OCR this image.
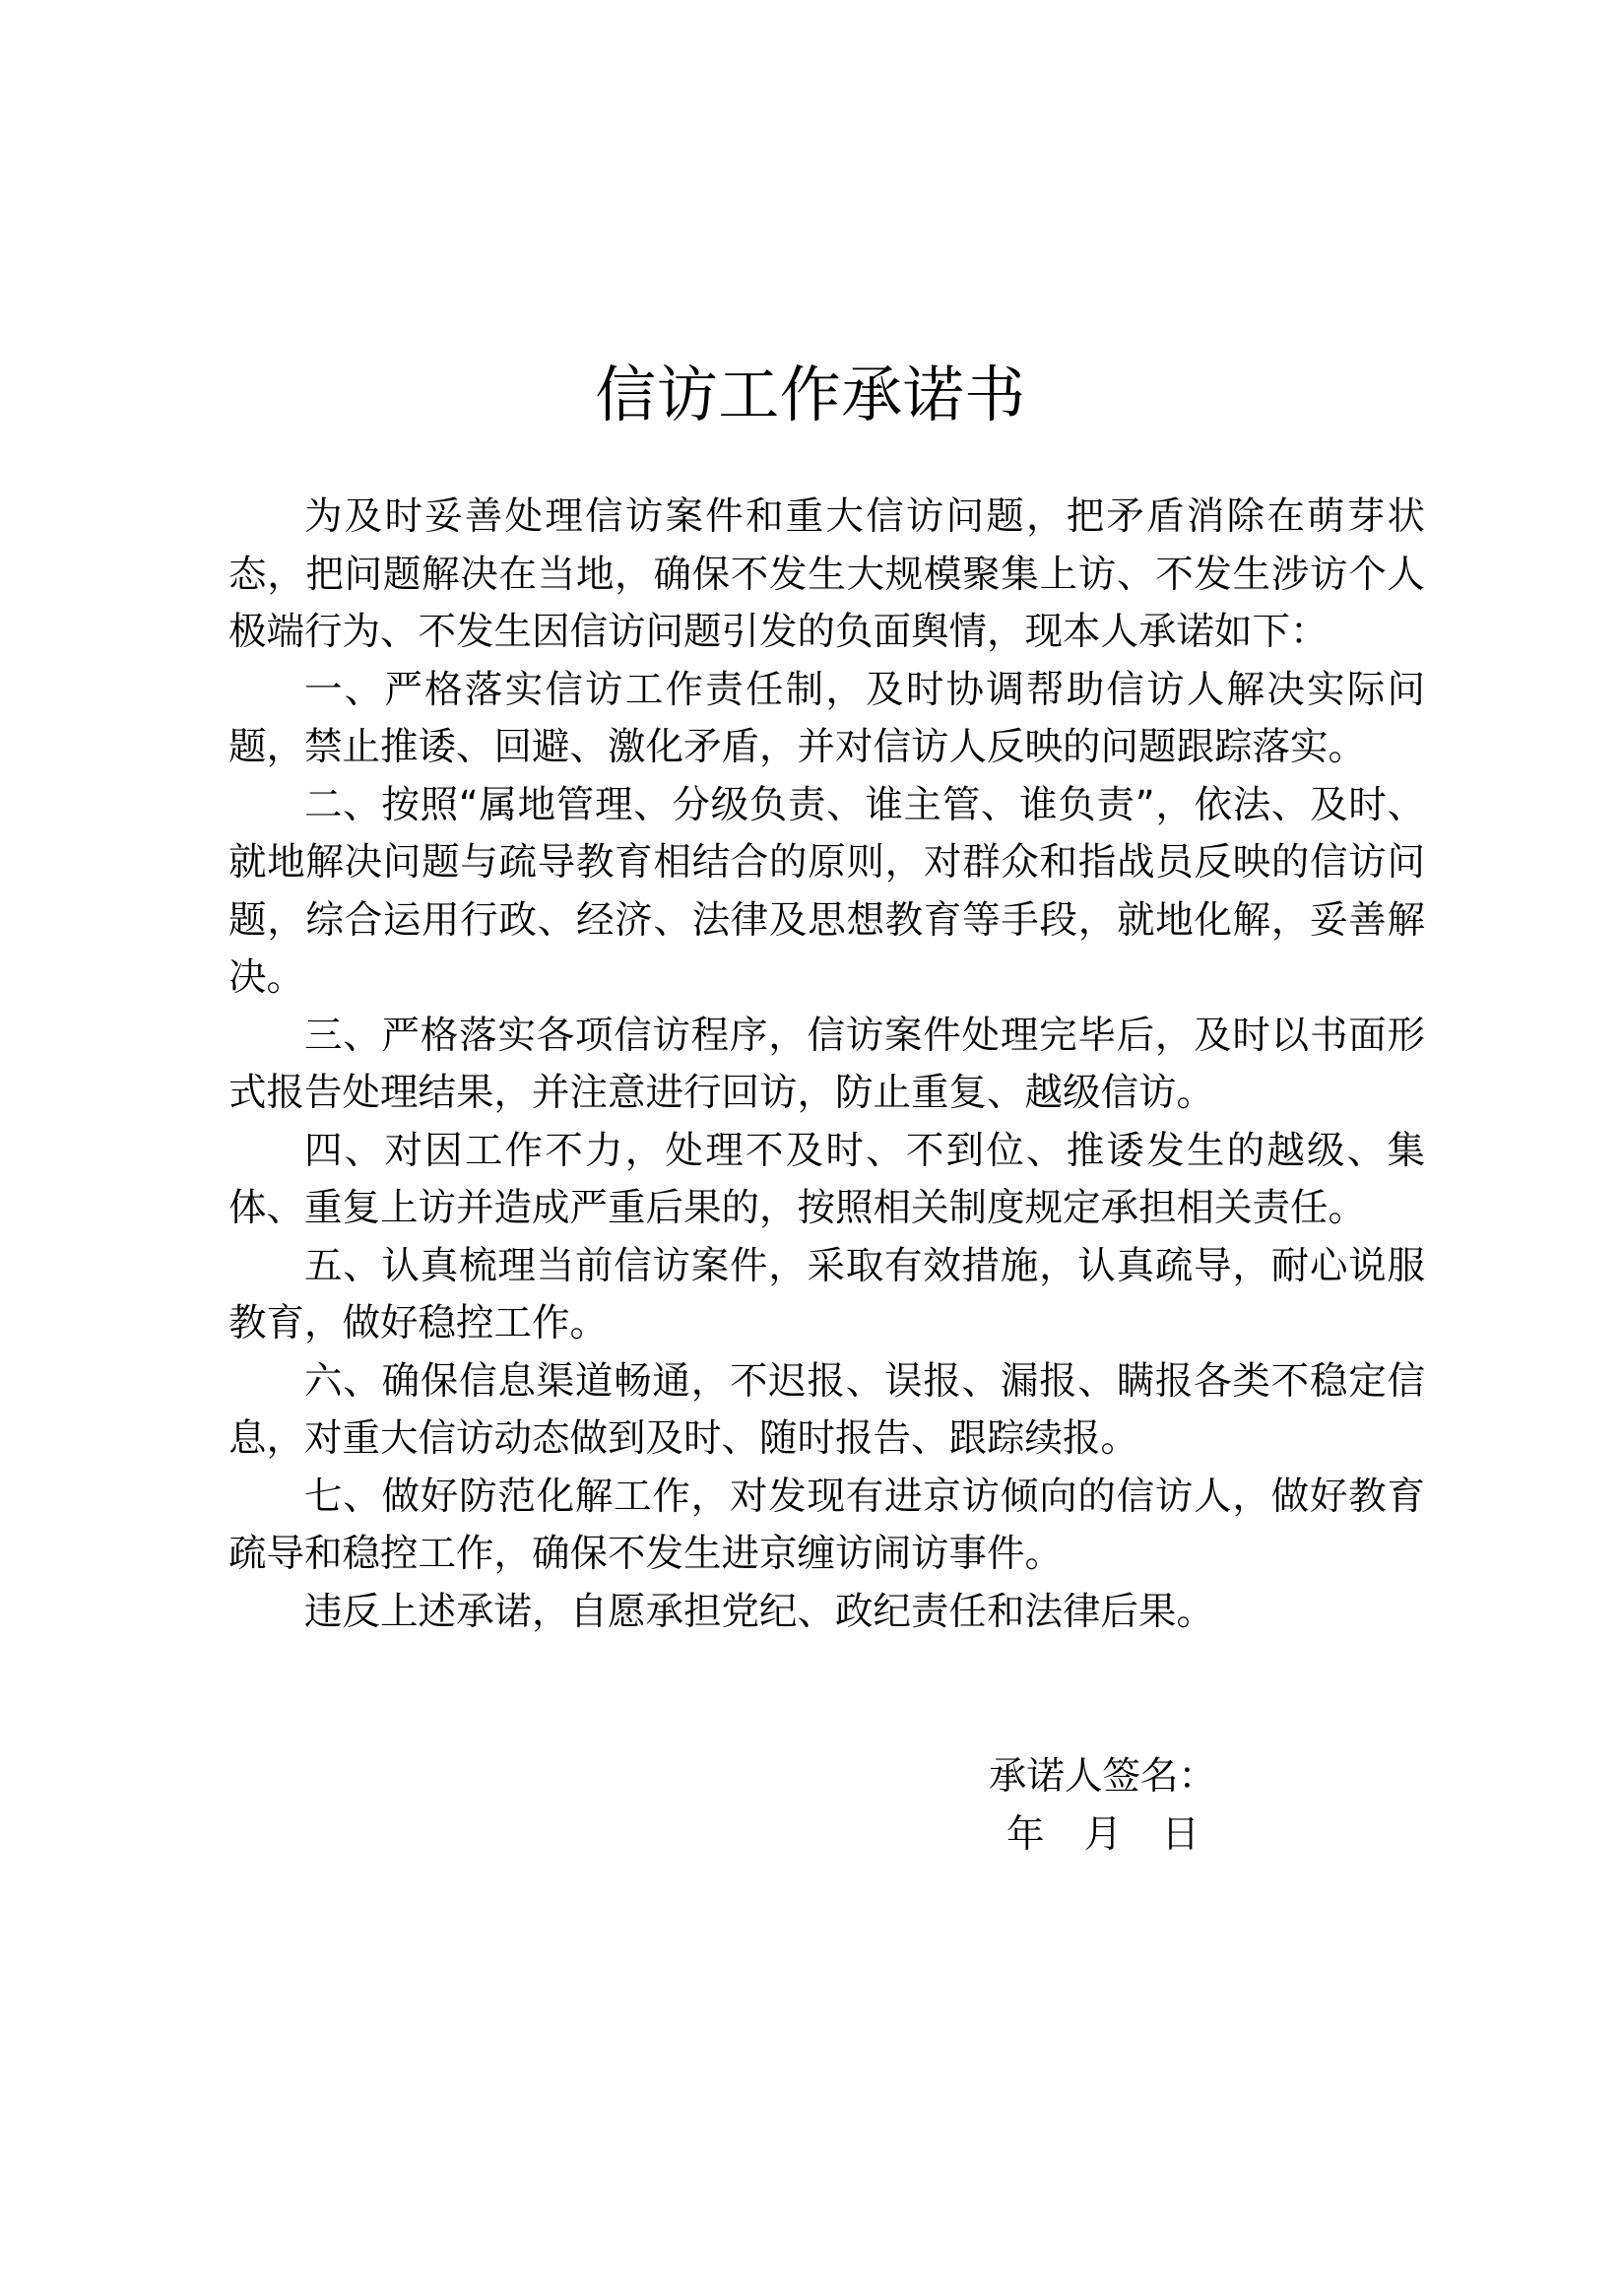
信访工作承诺书

为及时妥善处理信访案件和重大信访问题，把矛盾消除在萌芽状态，把问题解决在当地，确保不发生大规模聚集上访、不发生涉访个人极端行为、不发生因信访问题引发的负面舆情，现本人承诺如下：

一、严格落实信访工作责任制，及时协调帮助信访人解决实际问题，禁止推诿、回避、激化矛盾，并对信访人反映的问题跟踪落实。

二、按照“属地管理、分级负责、谁主管、谁负责”，依法、及时、就地解决问题与疏导教育相结合的原则，对群众和指战员反映的信访问题，综合运用行政、经济、法律及思想教育等手段，就地化解，妥善解决。

三、严格落实各项信访程序，信访案件处理完毕后，及时以书面形式报告处理结果，并注意进行回访，防止重复、越级信访。

四、对因工作不力，处理不及时、不到位、推诿发生的越级、集体、重复上访并造成严重后果的，按照相关制度规定承担相关责任。

五、认真梳理当前信访案件，采取有效措施，认真疏导，耐心说服教育，做好稳控工作。

六、确保信息渠道畅通，不迟报、误报、漏报、瞒报各类不稳定信息，对重大信访动态做到及时、随时报告、跟踪续报。

七、做好防范化解工作，对发现有进京访倾向的信访人，做好教育疏导和稳控工作，确保不发生进京缠访闹访事件。

违反上述承诺，自愿承担党纪、政纪责任和法律后果。

承诺人签名：
年 月 日
